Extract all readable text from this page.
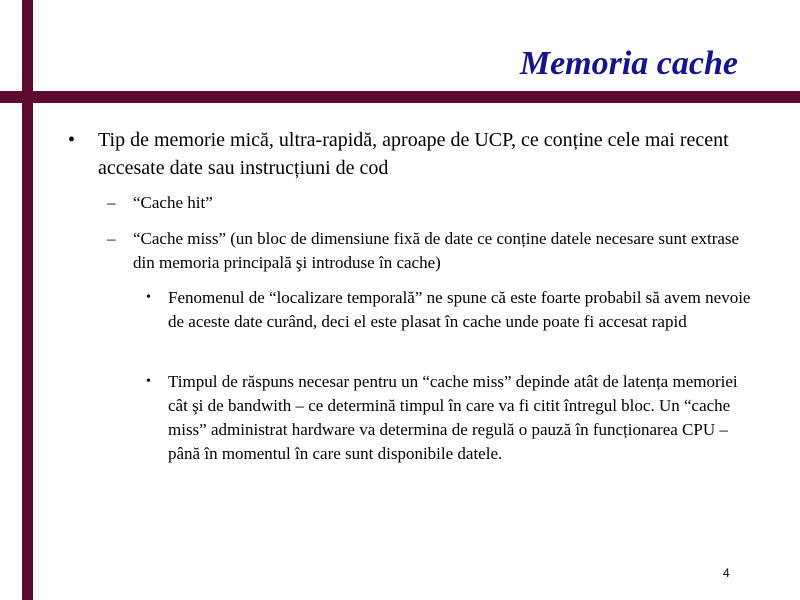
Memoria cache
• Tip de memorie mică, ultra-rapidă, aproape de UCP, ce conține cele mai recent accesate date sau instrucțiuni de cod
– “Cache hit”
– “Cache miss” (un bloc de dimensiune fixă de date ce conține datele necesare sunt extrase din memoria principală şi introduse în cache)
• Fenomenul de “localizare temporală” ne spune că este foarte probabil să avem nevoie de aceste date curând, deci el este plasat în cache unde poate fi accesat rapid
• Timpul de răspuns necesar pentru un “cache miss” depinde atât de latența memoriei cât şi de bandwith – ce determină timpul în care va fi citit întregul bloc. Un “cache miss” administrat hardware va determina de regulă o pauză în funcționarea CPU – până în momentul în care sunt disponibile datele.
4
